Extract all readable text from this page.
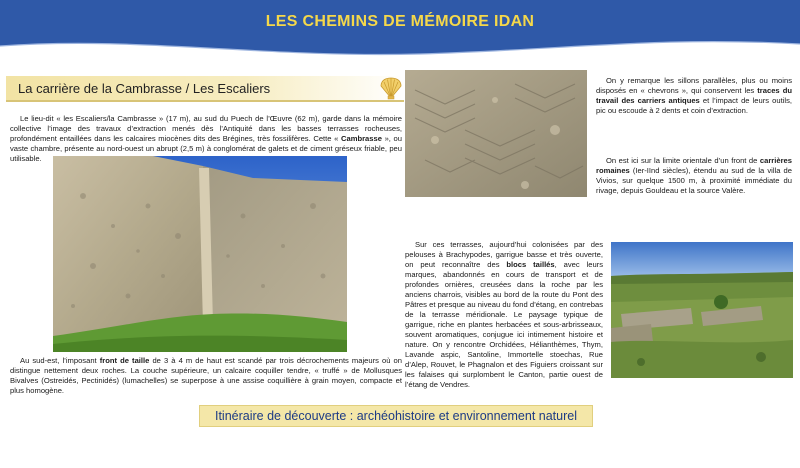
LES CHEMINS DE MÉMOIRE IDAN
La carrière de la Cambrasse / Les Escaliers

Le lieu-dit « les Escaliers/la Cambrasse » (17 m), au sud du Puech de l’Œuvre (62 m), garde dans la mémoire collective l’image des travaux d’extraction menés dès l’Antiquité dans les basses terrasses rocheuses, profondément entaillées dans les calcaires miocènes dits des Brégines, très fossilifères. Cette « Cambrasse », ou vaste chambre, présente au nord-ouest un abrupt (2,5 m) à conglomérat de galets et de ciment gréseux friable, peu utilisable.

Au sud-est, l’imposant front de taille de 3 à 4 m de haut est scandé par trois décrochements majeurs où on distingue nettement deux roches. La couche supérieure, un calcaire coquiller tendre, « truffé » de Mollusques Bivalves (Ostreidés, Pectinidés) (lumachelles) se superpose à une assise coquillière à grain moyen, compacte et plus homogène.

On y remarque les sillons parallèles, plus ou moins disposés en « chevrons », qui conservent les traces du travail des carriers antiques et l’impact de leurs outils, pic ou escoude à 2 dents et coin d’extraction.

On est ici sur la limite orientale d’un front de carrières romaines (Ier-IInd siècles), étendu au sud de la villa de Vivios, sur quelque 1500 m, à proximité immédiate du rivage, depuis Gouldeau et la source Valère.

Sur ces terrasses, aujourd’hui colonisées par des pelouses à Brachypodes, garrigue basse et très ouverte, on peut reconnaître des blocs taillés, avec leurs marques, abandonnés en cours de transport et de profondes ornières, creusées dans la roche par les anciens charrois, visibles au bord de la route du Pont des Pâtres et presque au niveau du fond d’étang, en contrebas de la terrasse méridionale. Le paysage typique de garrigue, riche en plantes herbacées et sous-arbrisseaux, souvent aromatiques, conjugue ici intimement histoire et nature. On y rencontre Orchidées, Hélianthèmes, Thym, Lavande aspic, Santoline, Immortelle stoechas, Rue d’Alep, Rouvet, le Phagnalon et des Figuiers croissant sur les falaises qui surplombent le Canton, partie ouest de l’étang de Vendres.

Itinéraire de découverte : archéohistoire et environnement naturel
